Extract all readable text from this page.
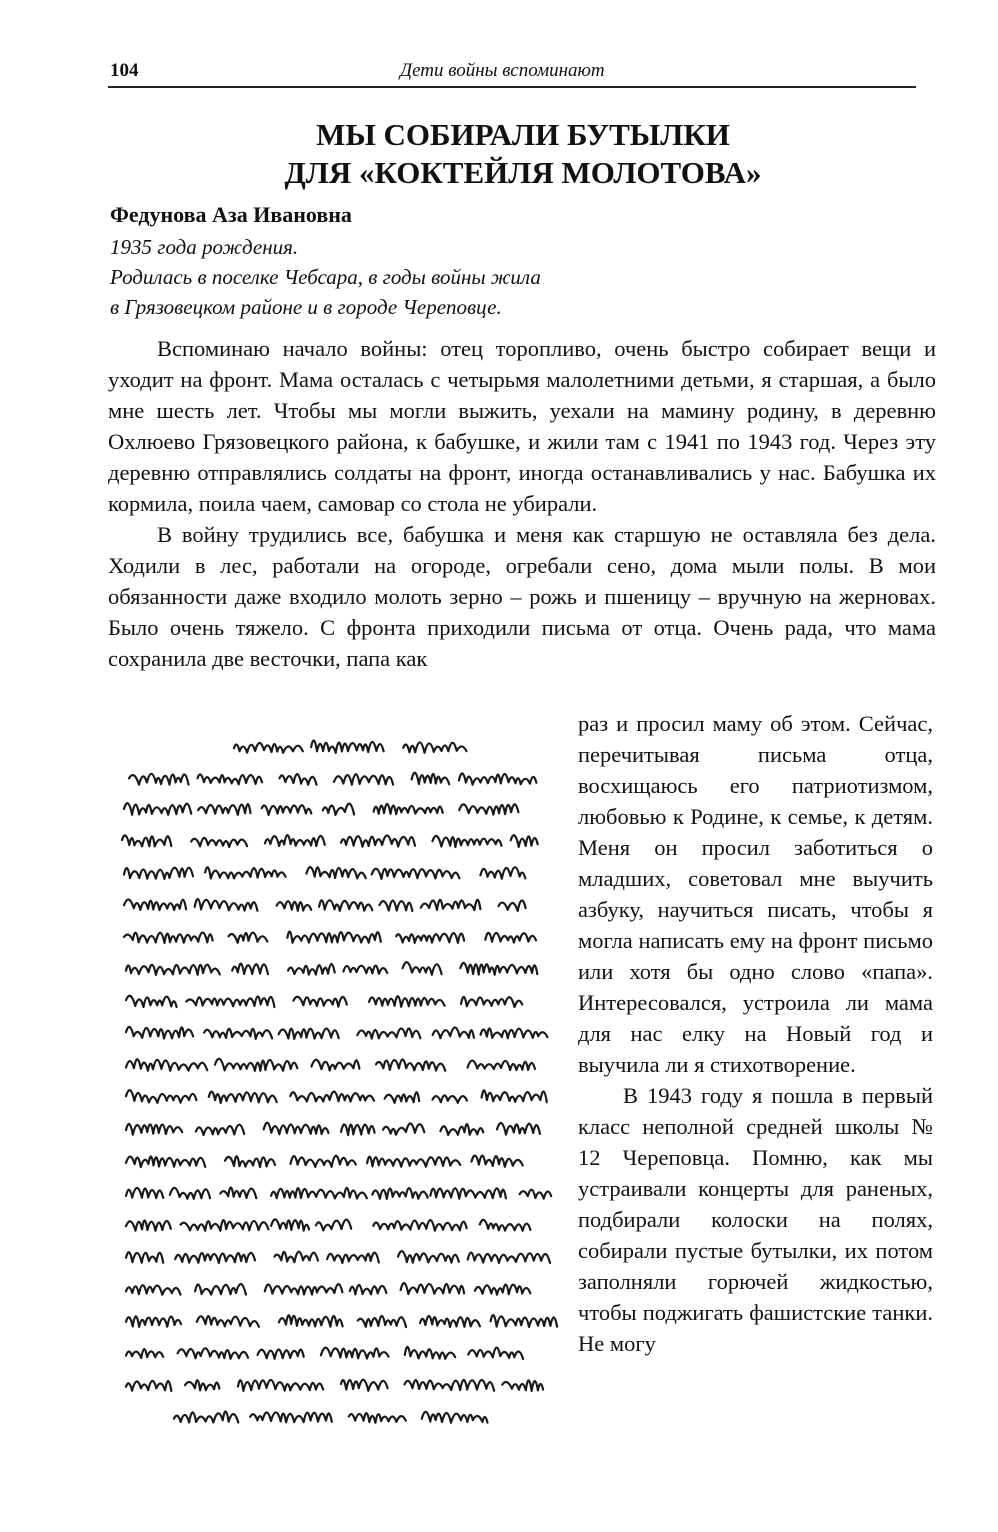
104	Дети войны вспоминают
МЫ СОБИРАЛИ БУТЫЛКИ
ДЛЯ «КОКТЕЙЛЯ МОЛОТОВА»
Федунова Аза Ивановна
1935 года рождения.
Родилась в поселке Чебсара, в годы войны жила
в Грязовецком районе и в городе Череповце.

Вспоминаю начало войны: отец торопливо, очень быстро собирает вещи и уходит на фронт. Мама осталась с четырьмя малолетними детьми, я старшая, а было мне шесть лет. Чтобы мы могли выжить, уехали на мамину родину, в деревню Охлюево Грязовецкого района, к бабушке, и жили там с 1941 по 1943 год. Через эту деревню отправлялись солдаты на фронт, иногда останавливались у нас. Бабушка их кормила, поила чаем, самовар со стола не убирали.

В войну трудились все, бабушка и меня как старшую не оставляла без дела. Ходили в лес, работали на огороде, огребали сено, дома мыли полы. В мои обязанности даже входило молоть зерно – рожь и пшеницу – вручную на жерновах. Было очень тяжело. С фронта приходили письма от отца. Очень рада, что мама сохранила две весточки, папа как

раз и просил маму об этом. Сейчас, перечитывая письма отца, восхищаюсь его патриотизмом, любовью к Родине, к семье, к детям. Меня он просил заботиться о младших, советовал мне выучить азбуку, научиться писать, чтобы я могла написать ему на фронт письмо или хотя бы одно слово «папа». Интересовался, устроила ли мама для нас елку на Новый год и выучила ли я стихотворение.

В 1943 году я пошла в первый класс неполной средней школы № 12 Череповца. Помню, как мы устраивали концерты для раненых, подбирали колоски на полях, собирали пустые бутылки, их потом заполняли горючей жидкостью, чтобы поджигать фашистские танки. Не могу
